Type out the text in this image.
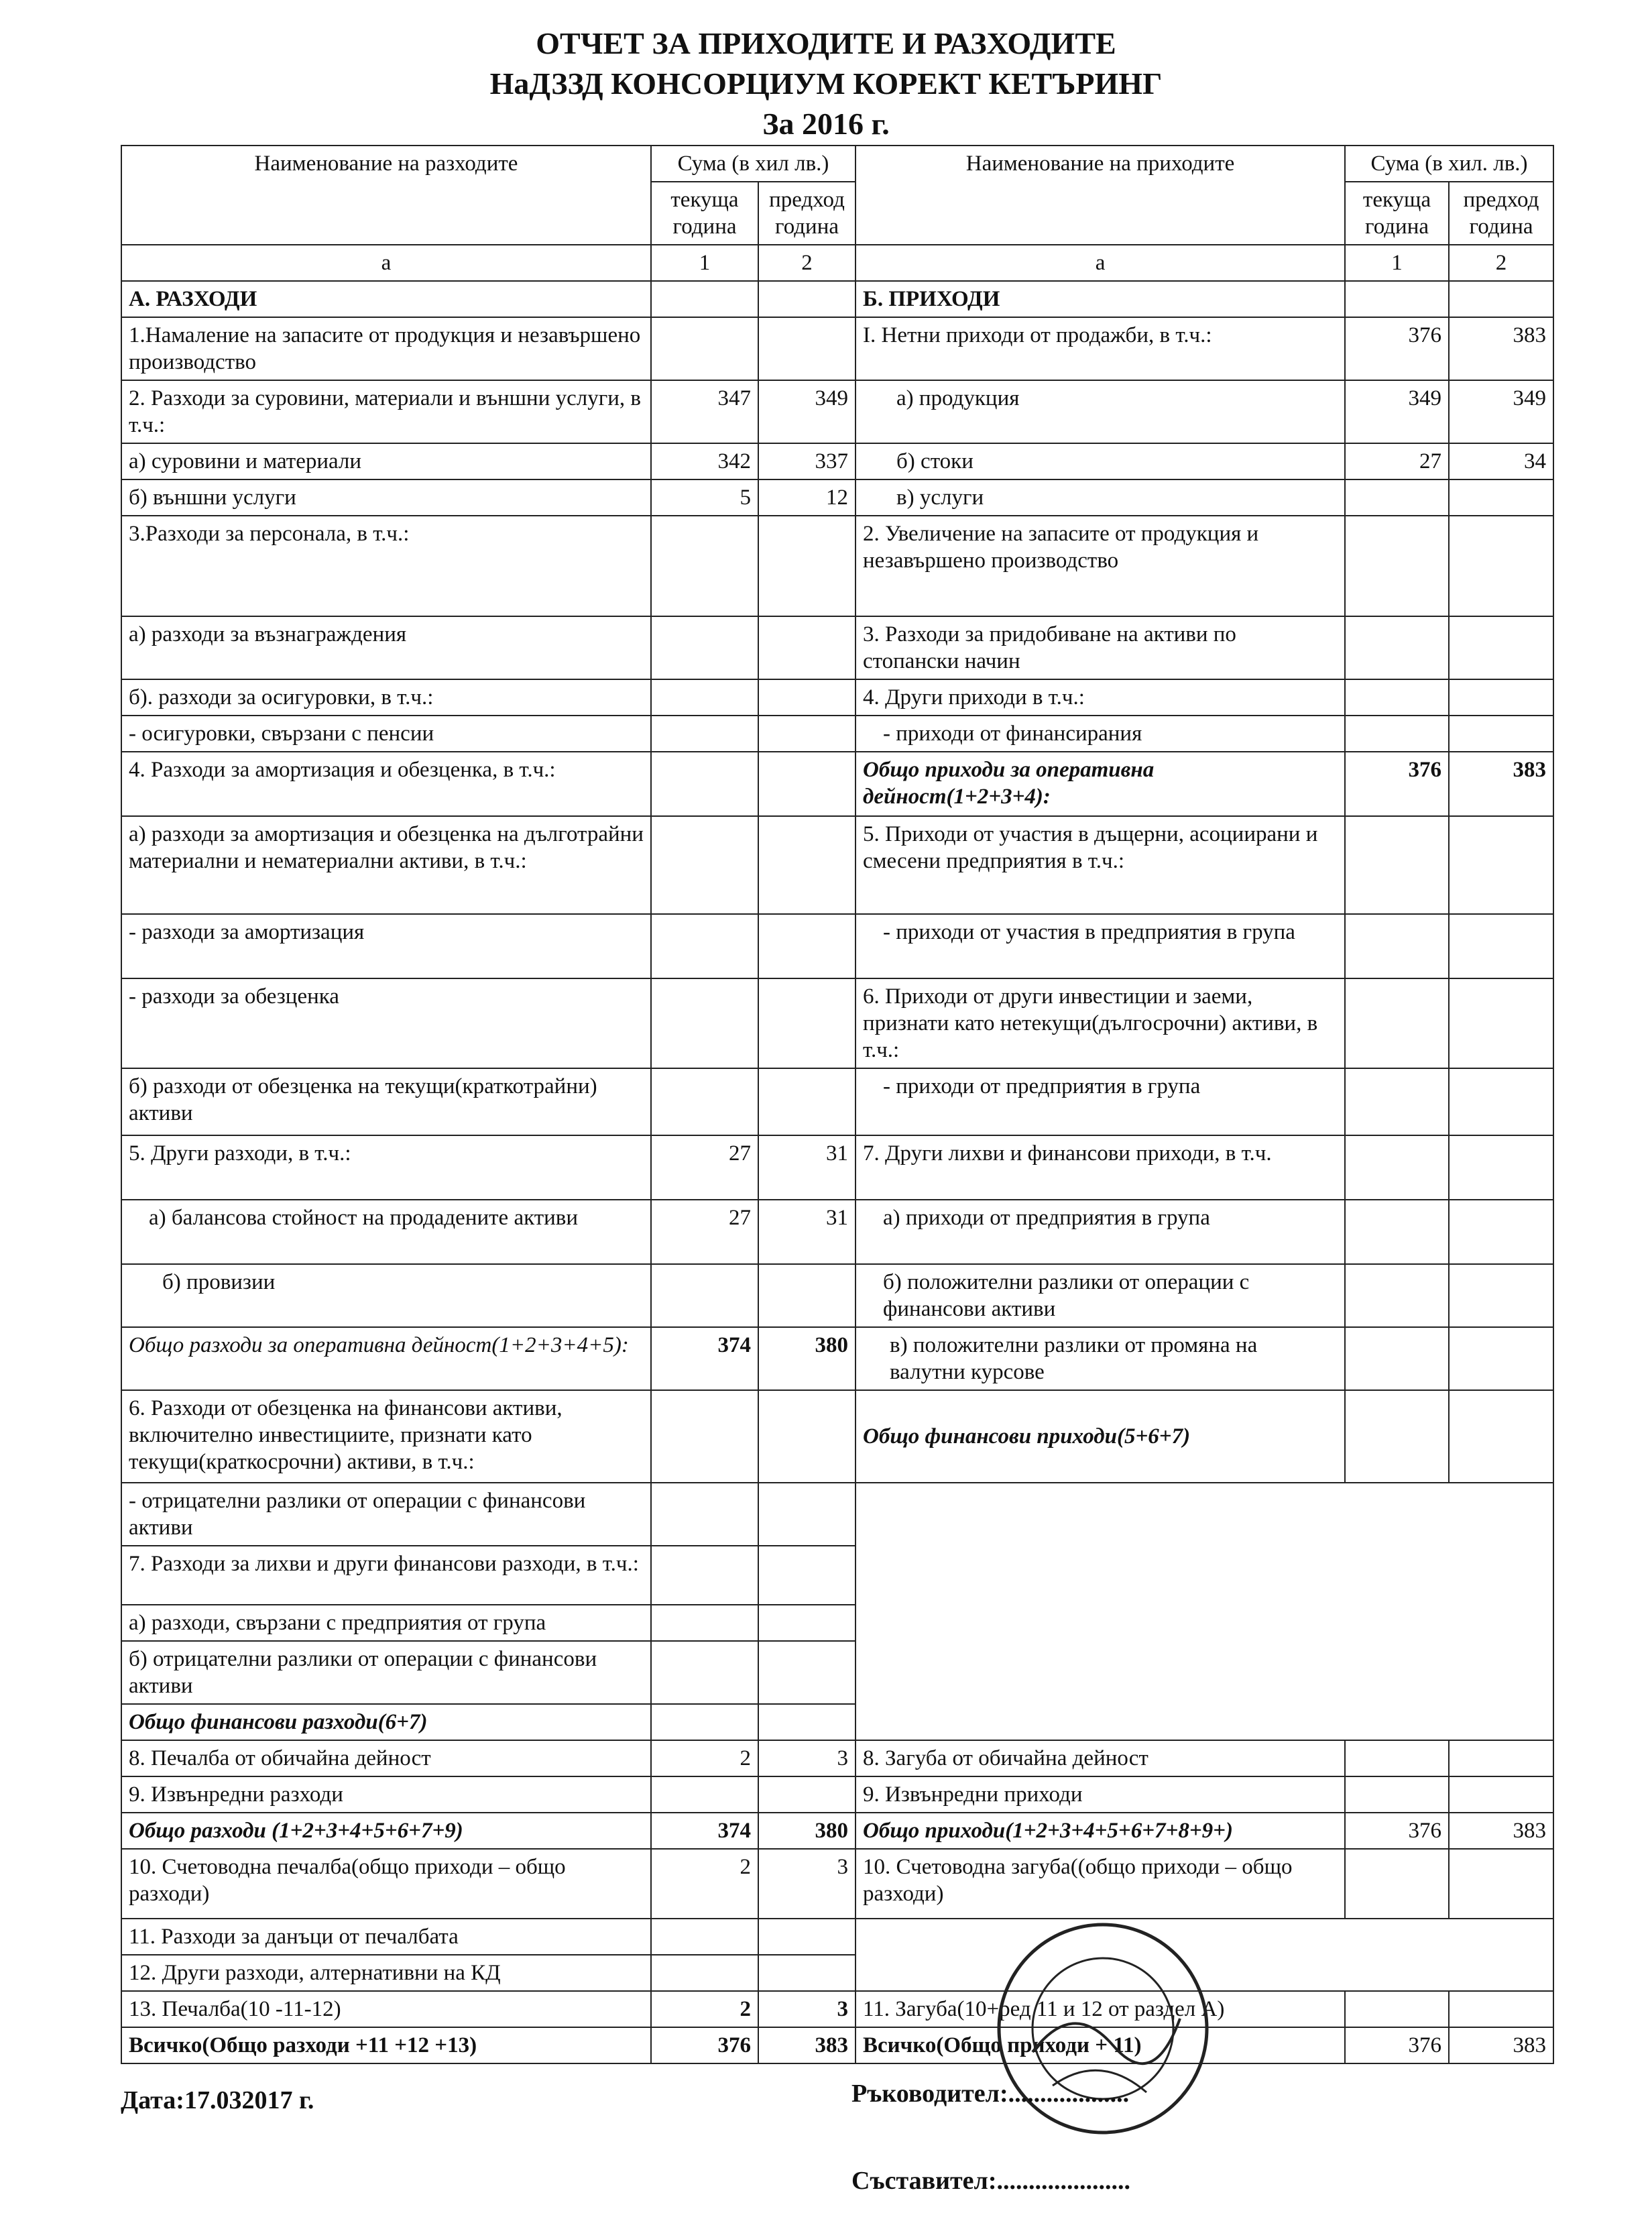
ОТЧЕТ ЗА ПРИХОДИТЕ И РАЗХОДИТЕ
НаДЗЗД КОНСОРЦИУМ КОРЕКТ КЕТЪРИНГ
За 2016 г.
Наименование на разходите	Сума (в хил лв.)		Наименование на приходите	Сума (в хил. лв.)	
	текуща година	предход година		текуща година	предход година
а	1	2	а	1	2
А. РАЗХОДИ			Б. ПРИХОДИ		
1.Намаление на запасите от продукция и незавършено производство			І. Нетни приходи от продажби, в т.ч.:	376	383
2. Разходи за суровини, материали и външни услуги, в т.ч.:	347	349	а) продукция	349	349
а) суровини и материали	342	337	б) стоки	27	34
б) външни услуги	5	12	в) услуги		
3.Разходи за персонала, в т.ч.:			2. Увеличение на запасите от продукция и незавършено производство		
а) разходи за възнаграждения			3. Разходи за придобиване на активи по стопански начин		
б). разходи за осигуровки, в т.ч.:			4. Други приходи в т.ч.:		
- осигуровки, свързани с пенсии			- приходи от финансирания		
4. Разходи за амортизация и обезценка, в т.ч.:			Общо приходи за оперативна дейност(1+2+3+4):	376	383
а) разходи за амортизация и обезценка на дълготрайни материални и нематериални активи, в т.ч.:			5. Приходи от участия в дъщерни, асоциирани и смесени предприятия в т.ч.:		
- разходи за амортизация			- приходи от участия в предприятия в група		
- разходи за обезценка			6. Приходи от други инвестиции и заеми, признати като нетекущи(дългосрочни) активи, в т.ч.:		
б) разходи от обезценка на текущи(краткотрайни) активи			- приходи от предприятия в група		
5. Други разходи, в т.ч.:	27	31	7. Други лихви и финансови приходи, в т.ч.		
а) балансова стойност на продадените активи	27	31	а) приходи от предприятия в група		
б) провизии			б) положителни разлики от операции с финансови активи		
Общо разходи за оперативна дейност(1+2+3+4+5):	374	380	в) положителни разлики от промяна на валутни курсове		
6. Разходи от обезценка на финансови активи, включително инвестициите, признати като текущи(краткосрочни) активи, в т.ч.:			Общо финансови приходи(5+6+7)		
- отрицателни разлики от операции с финансови активи					
7. Разходи за лихви и други финансови разходи, в т.ч.:					
а) разходи, свързани с предприятия от група					
б) отрицателни разлики от операции с финансови активи					
Общо финансови разходи(6+7)					
8. Печалба от обичайна дейност	2	3	8. Загуба от обичайна дейност		
9. Извънредни разходи			9. Извънредни приходи		
Общо разходи (1+2+3+4+5+6+7+9)	374	380	Общо приходи(1+2+3+4+5+6+7+8+9+)	376	383
10. Счетоводна печалба(общо приходи – общо разходи)	2	3	10. Счетоводна загуба((общо приходи – общо разходи)		
11. Разходи за данъци от печалбата					
12. Други разходи, алтернативни на КД					
13. Печалба(10 -11-12)	2	3	11. Загуба(10+ред 11 и 12 от раздел А)		
Всичко(Общо разходи +11 +12 +13)	376	383	Всичко(Общо приходи + 11)	376	383
Дата:17.032017 г.	Ръководител:...................
Съставител:.....................
